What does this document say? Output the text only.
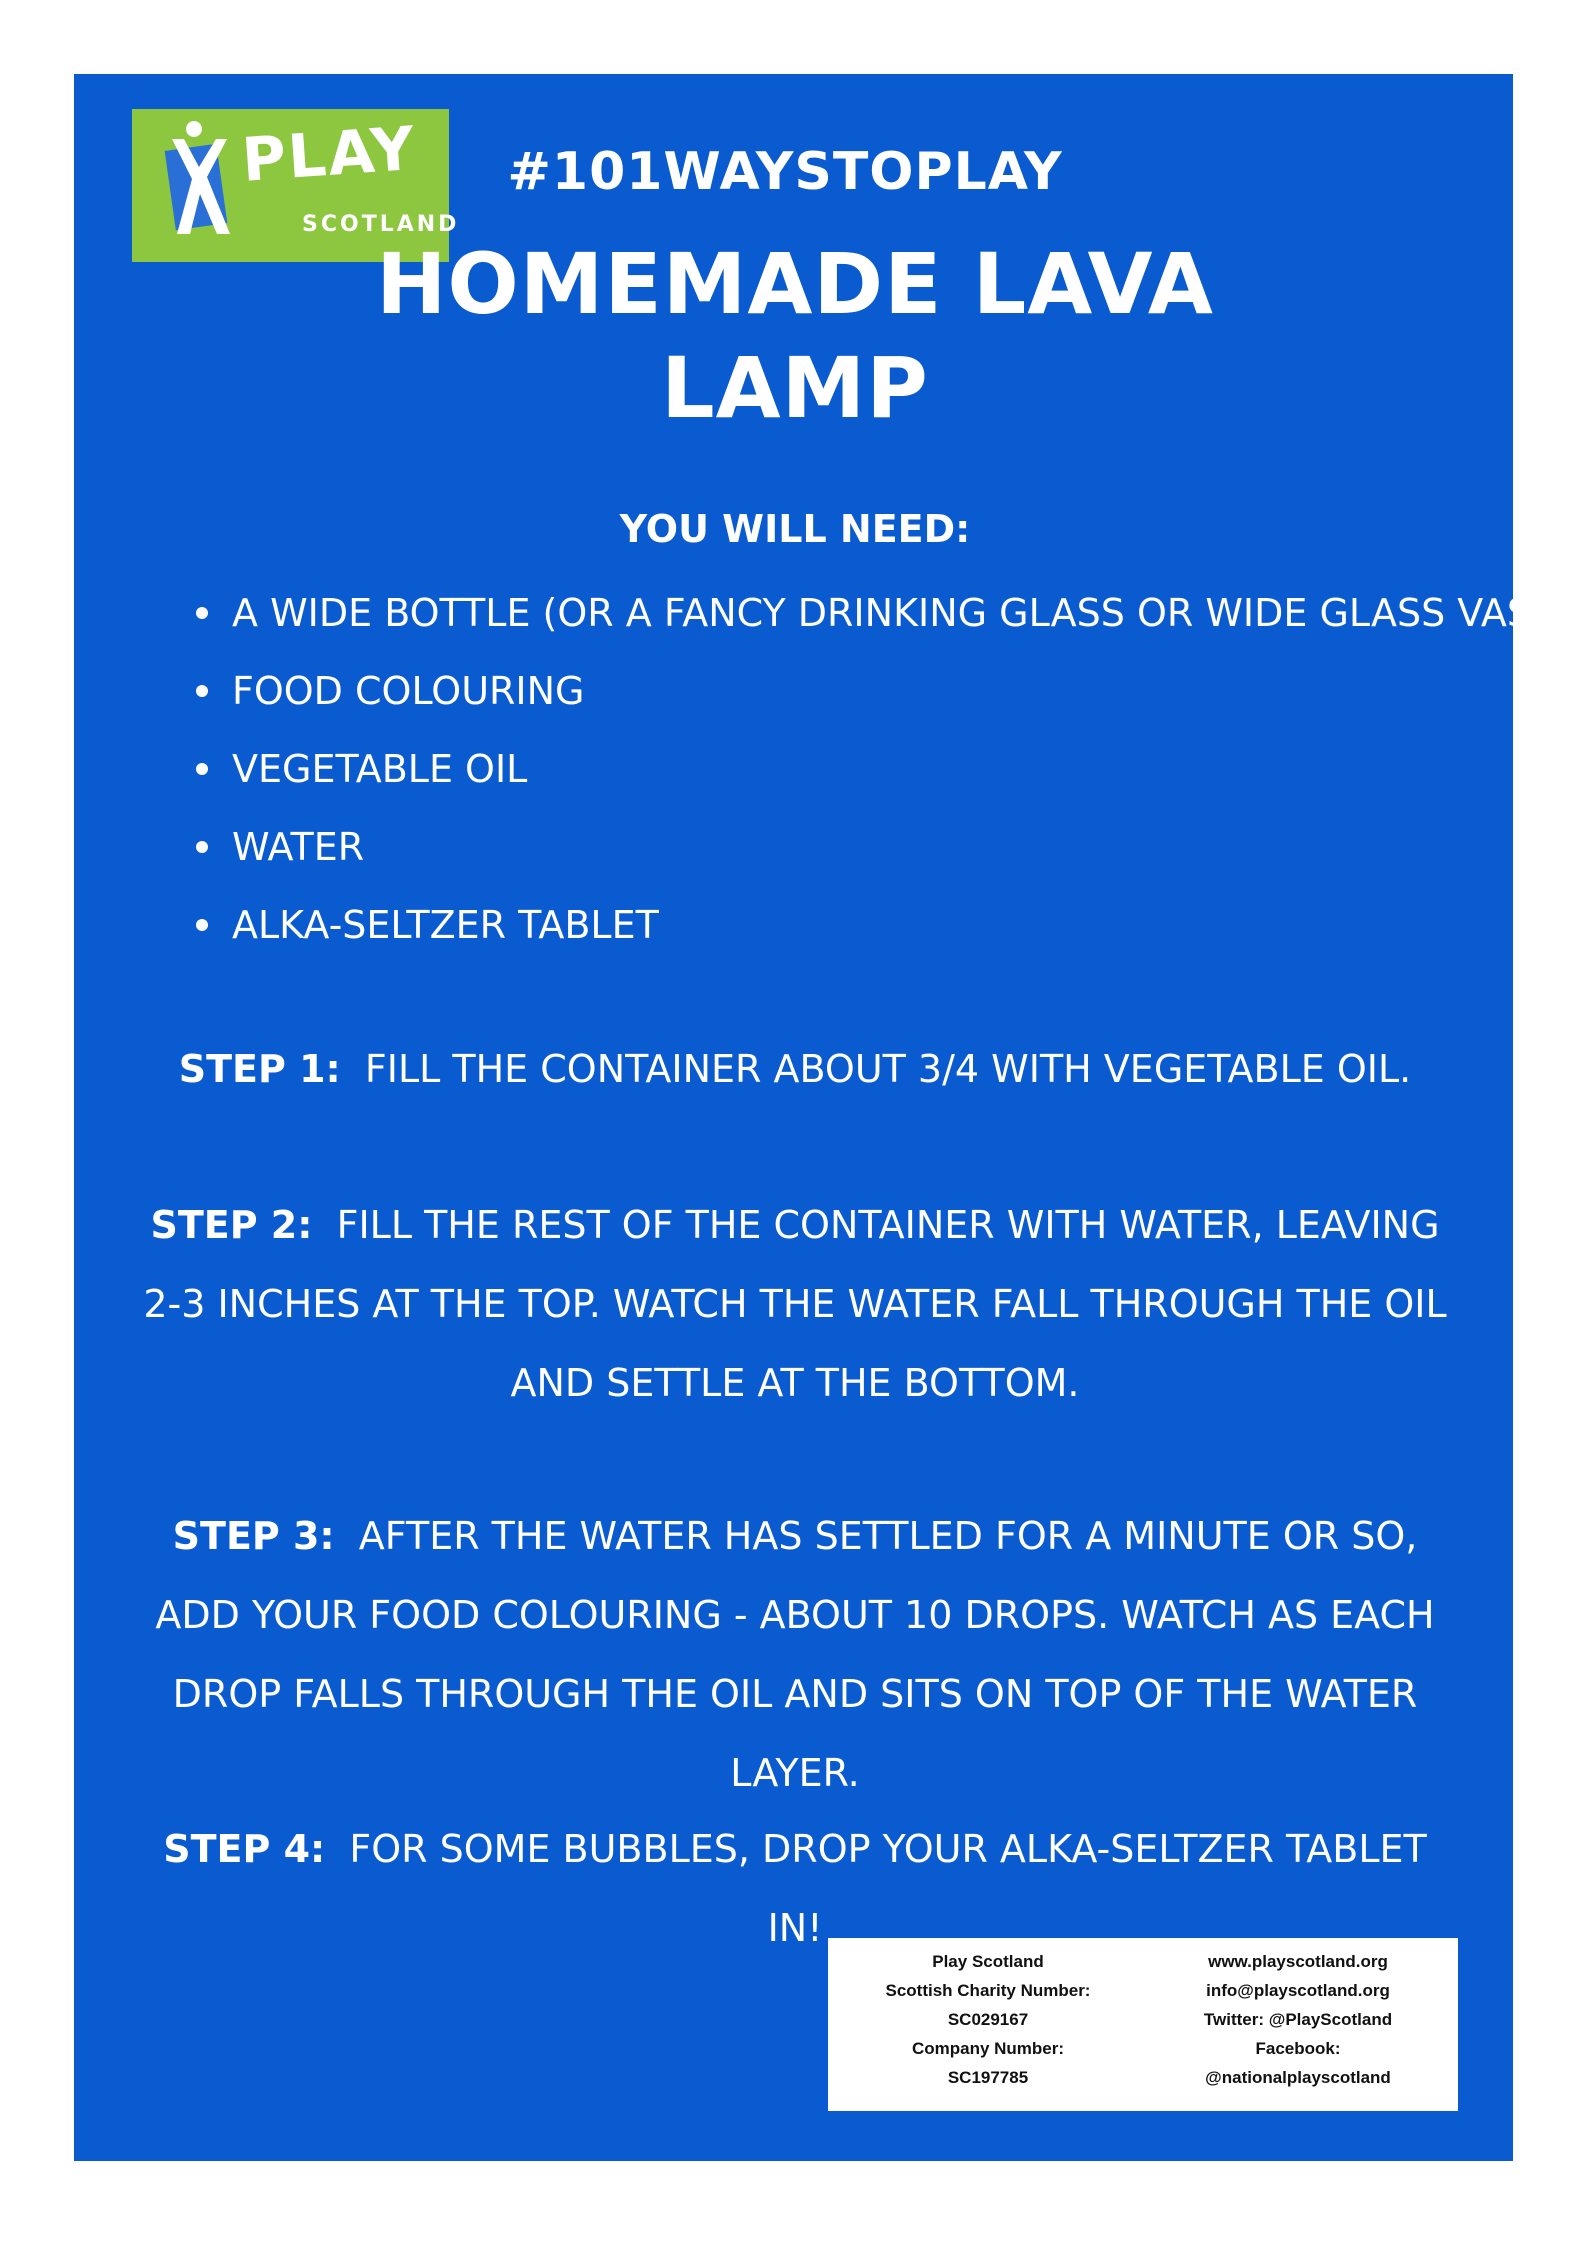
PLAY
SCOTLAND
#101WAYSTOPLAY
HOMEMADE LAVA LAMP
YOU WILL NEED:
A WIDE BOTTLE (OR A FANCY DRINKING GLASS OR WIDE GLASS VASE)
FOOD COLOURING
VEGETABLE OIL
WATER
ALKA-SELTZER TABLET
STEP 1: FILL THE CONTAINER ABOUT 3/4 WITH VEGETABLE OIL.
STEP 2: FILL THE REST OF THE CONTAINER WITH WATER, LEAVING 2-3 INCHES AT THE TOP. WATCH THE WATER FALL THROUGH THE OIL AND SETTLE AT THE BOTTOM.
STEP 3: AFTER THE WATER HAS SETTLED FOR A MINUTE OR SO, ADD YOUR FOOD COLOURING - ABOUT 10 DROPS. WATCH AS EACH DROP FALLS THROUGH THE OIL AND SITS ON TOP OF THE WATER LAYER.
STEP 4: FOR SOME BUBBLES, DROP YOUR ALKA-SELTZER TABLET IN!
Play Scotland
Scottish Charity Number:
SC029167
Company Number:
SC197785
www.playscotland.org
info@playscotland.org
Twitter: @PlayScotland
Facebook:
@nationalplayscotland
